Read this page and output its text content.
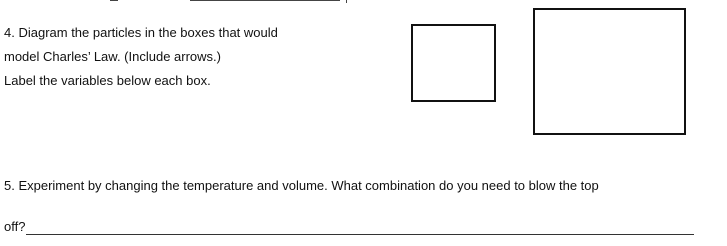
4. Diagram the particles in the boxes that would
model Charles’ Law. (Include arrows.)
Label the variables below each box.
5. Experiment by changing the temperature and volume. What combination do you need to blow the top
off?
